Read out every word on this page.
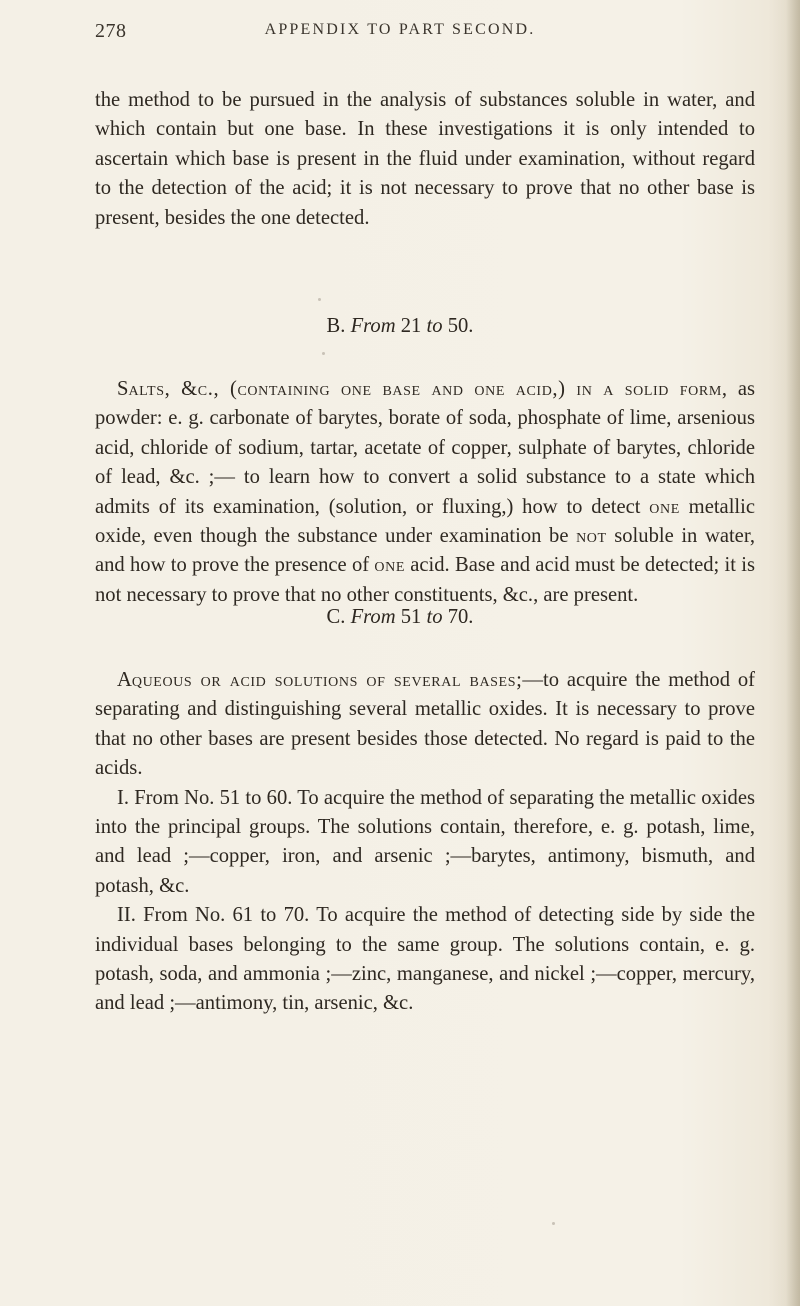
278	APPENDIX TO PART SECOND.

the method to be pursued in the analysis of substances soluble in water, and which contain but one base. In these investigations it is only intended to ascertain which base is present in the fluid under examination, without regard to the detection of the acid; it is not necessary to prove that no other base is present, besides the one detected.

B. From 21 to 50.

Salts, &c., (containing one base and one acid,) in a solid form, as powder: e. g. carbonate of barytes, borate of soda, phosphate of lime, arsenious acid, chloride of sodium, tartar, acetate of copper, sulphate of barytes, chloride of lead, &c. ;— to learn how to convert a solid substance to a state which admits of its examination, (solution, or fluxing,) how to detect one metallic oxide, even though the substance under examination be not soluble in water, and how to prove the presence of one acid. Base and acid must be detected; it is not necessary to prove that no other constituents, &c., are present.

C. From 51 to 70.

Aqueous or acid solutions of several bases;—to acquire the method of separating and distinguishing several metallic oxides. It is necessary to prove that no other bases are present besides those detected. No regard is paid to the acids.

I. From No. 51 to 60. To acquire the method of separating the metallic oxides into the principal groups. The solutions contain, therefore, e. g. potash, lime, and lead ;—copper, iron, and arsenic ;—barytes, antimony, bismuth, and potash, &c.

II. From No. 61 to 70. To acquire the method of detecting side by side the individual bases belonging to the same group. The solutions contain, e. g. potash, soda, and ammonia ;—zinc, manganese, and nickel ;—copper, mercury, and lead ;—antimony, tin, arsenic, &c.
